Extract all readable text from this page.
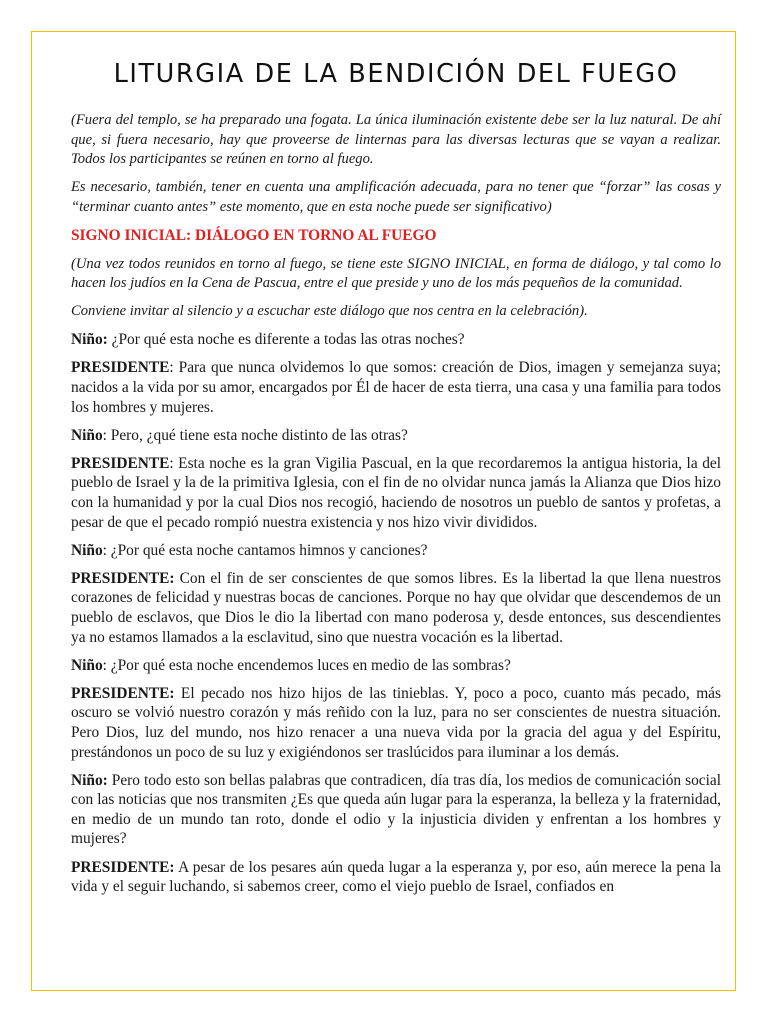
LITURGIA DE LA BENDICIÓN DEL FUEGO

(Fuera del templo, se ha preparado una fogata. La única iluminación existente debe ser la luz natural. De ahí que, si fuera necesario, hay que proveerse de linternas para las diversas lecturas que se vayan a realizar. Todos los participantes se reúnen en torno al fuego.

Es necesario, también, tener en cuenta una amplificación adecuada, para no tener que “forzar” las cosas y “terminar cuanto antes” este momento, que en esta noche puede ser significativo)

SIGNO INICIAL: DIÁLOGO EN TORNO AL FUEGO

(Una vez todos reunidos en torno al fuego, se tiene este SIGNO INICIAL, en forma de diálogo, y tal como lo hacen los judíos en la Cena de Pascua, entre el que preside y uno de los más pequeños de la comunidad.

Conviene invitar al silencio y a escuchar este diálogo que nos centra en la celebración).

Niño: ¿Por qué esta noche es diferente a todas las otras noches?

PRESIDENTE: Para que nunca olvidemos lo que somos: creación de Dios, imagen y semejanza suya; nacidos a la vida por su amor, encargados por Él de hacer de esta tierra, una casa y una familia para todos los hombres y mujeres.

Niño: Pero, ¿qué tiene esta noche distinto de las otras?

PRESIDENTE: Esta noche es la gran Vigilia Pascual, en la que recordaremos la antigua historia, la del pueblo de Israel y la de la primitiva Iglesia, con el fin de no olvidar nunca jamás la Alianza que Dios hizo con la humanidad y por la cual Dios nos recogió, haciendo de nosotros un pueblo de santos y profetas, a pesar de que el pecado rompió nuestra existencia y nos hizo vivir divididos.

Niño: ¿Por qué esta noche cantamos himnos y canciones?

PRESIDENTE: Con el fin de ser conscientes de que somos libres. Es la libertad la que llena nuestros corazones de felicidad y nuestras bocas de canciones. Porque no hay que olvidar que descendemos de un pueblo de esclavos, que Dios le dio la libertad con mano poderosa y, desde entonces, sus descendientes ya no estamos llamados a la esclavitud, sino que nuestra vocación es la libertad.

Niño: ¿Por qué esta noche encendemos luces en medio de las sombras?

PRESIDENTE: El pecado nos hizo hijos de las tinieblas. Y, poco a poco, cuanto más pecado, más oscuro se volvió nuestro corazón y más reñido con la luz, para no ser conscientes de nuestra situación. Pero Dios, luz del mundo, nos hizo renacer a una nueva vida por la gracia del agua y del Espíritu, prestándonos un poco de su luz y exigiéndonos ser traslúcidos para iluminar a los demás.

Niño: Pero todo esto son bellas palabras que contradicen, día tras día, los medios de comunicación social con las noticias que nos transmiten ¿Es que queda aún lugar para la esperanza, la belleza y la fraternidad, en medio de un mundo tan roto, donde el odio y la injusticia dividen y enfrentan a los hombres y mujeres?

PRESIDENTE: A pesar de los pesares aún queda lugar a la esperanza y, por eso, aún merece la pena la vida y el seguir luchando, si sabemos creer, como el viejo pueblo de Israel, confiados en
